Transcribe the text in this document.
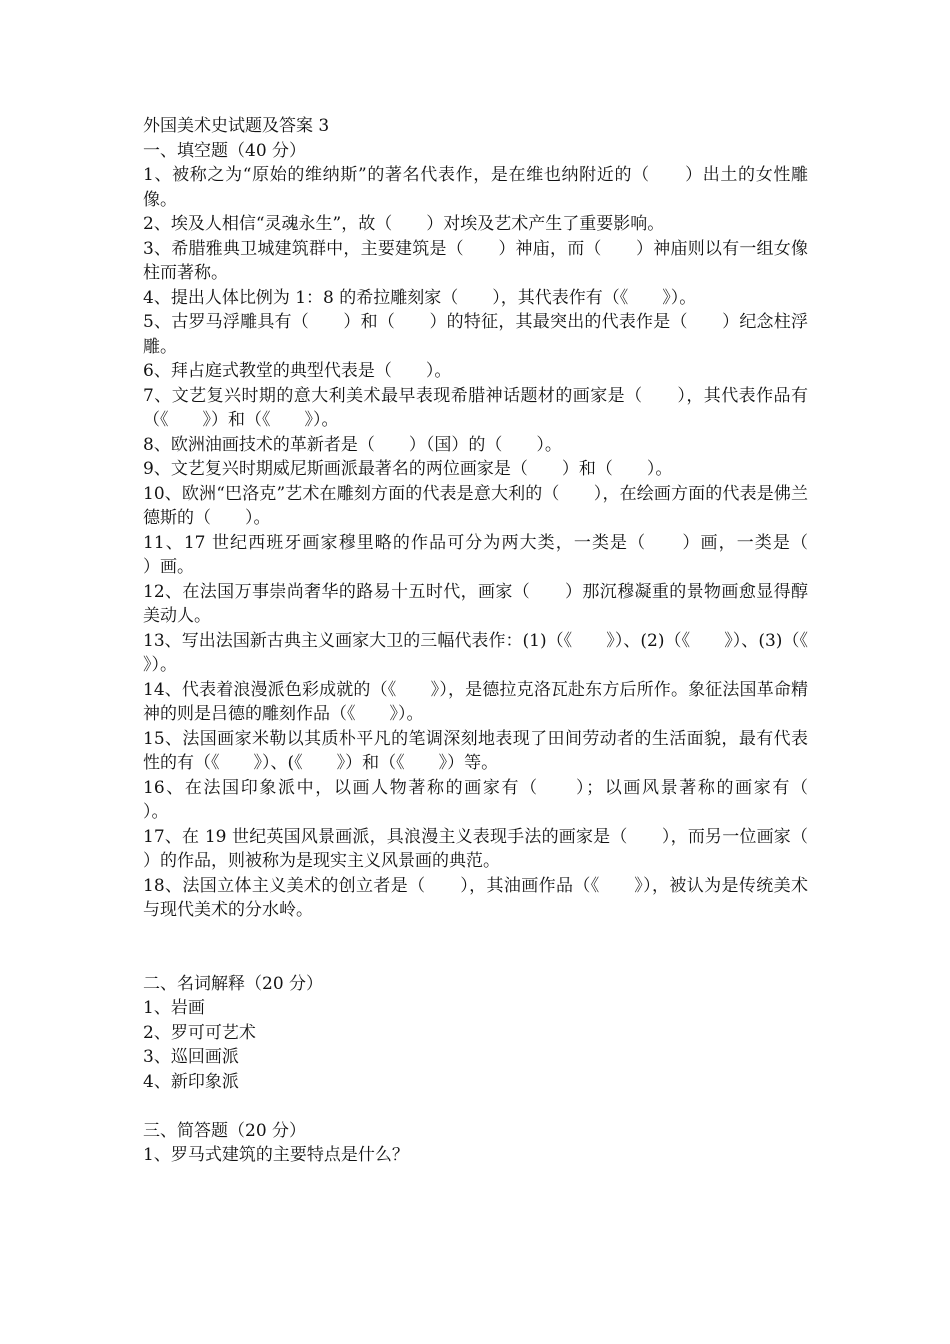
外国美术史试题及答案 3

一、填空题（40 分）

1、被称之为“原始的维纳斯”的著名代表作，是在维也纳附近的（　　）出土的女性雕像。

2、埃及人相信“灵魂永生”，故（　　）对埃及艺术产生了重要影响。

3、希腊雅典卫城建筑群中，主要建筑是（　　）神庙，而（　　）神庙则以有一组女像柱而著称。

4、提出人体比例为 1：8 的希拉雕刻家（　　），其代表作有（《　　》）。

5、古罗马浮雕具有（　　）和（　　）的特征，其最突出的代表作是（　　）纪念柱浮雕。

6、拜占庭式教堂的典型代表是（　　）。

7、文艺复兴时期的意大利美术最早表现希腊神话题材的画家是（　　），其代表作品有（《　　》）和（《　　》）。

8、欧洲油画技术的革新者是（　　）（国）的（　　）。

9、文艺复兴时期威尼斯画派最著名的两位画家是（　　）和（　　）。

10、欧洲“巴洛克”艺术在雕刻方面的代表是意大利的（　　），在绘画方面的代表是佛兰德斯的（　　）。

11、17 世纪西班牙画家穆里略的作品可分为两大类，一类是（　　）画，一类是（　　）画。

12、在法国万事崇尚奢华的路易十五时代，画家（　　）那沉穆凝重的景物画愈显得醇美动人。

13、写出法国新古典主义画家大卫的三幅代表作：(1)（《　　》）、(2)（《　　》）、(3)（《　　》）。

14、代表着浪漫派色彩成就的（《　　》），是德拉克洛瓦赴东方后所作。象征法国革命精神的则是吕德的雕刻作品（《　　》）。

15、法国画家米勒以其质朴平凡的笔调深刻地表现了田间劳动者的生活面貌，最有代表性的有（《　　》）、(《　　》）和（《　　》）等。

16、在法国印象派中，以画人物著称的画家有（　　）；以画风景著称的画家有（　　）。

17、在 19 世纪英国风景画派，具浪漫主义表现手法的画家是（　　），而另一位画家（　　）的作品，则被称为是现实主义风景画的典范。

18、法国立体主义美术的创立者是（　　），其油画作品（《　　》），被认为是传统美术与现代美术的分水岭。

二、名词解释（20 分）

1、岩画

2、罗可可艺术

3、巡回画派

4、新印象派

三、简答题（20 分）

1、罗马式建筑的主要特点是什么？
